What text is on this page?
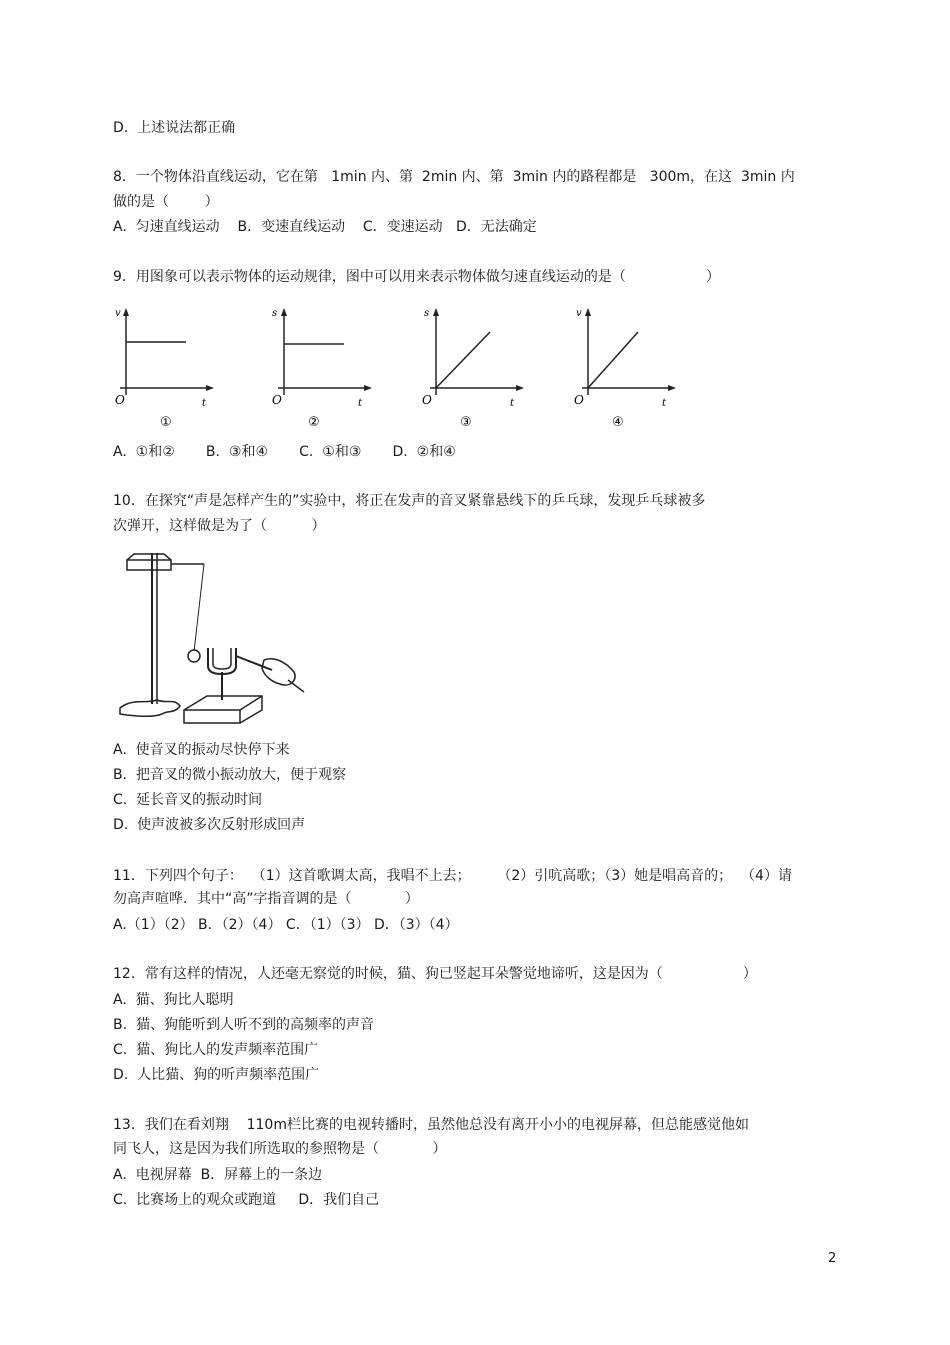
D.  上述说法都正确
8．一个物体沿直线运动，它在第   1min 内、第  2min 内、第  3min 内的路程都是   300m，在这  3min 内
做的是（        ）
A.  匀速直线运动    B．变速直线运动    C．变速运动   D．无法确定
9．用图象可以表示物体的运动规律，图中可以用来表示物体做匀速直线运动的是（                  ）
v
O	t
①
s
O	t
②
s
O	t
③
v
O	t
④
A.  ①和②       B.  ③和④       C.  ①和③       D.  ②和④
10．在探究“声是怎样产生的”实验中，将正在发声的音叉紧靠悬线下的乒乓球，发现乒乓球被多
次弹开，这样做是为了（          ）
A.  使音叉的振动尽快停下来
B.  把音叉的微小振动放大，便于观察
C.  延长音叉的振动时间
D.  使声波被多次反射形成回声
11．下列四个句子：  （1）这首歌调太高，我唱不上去；      （2）引吭高歌；（3）她是唱高音的；  （4）请
勿高声喧哗．其中“高”字指音调的是（            ）
A.（1）（2） B．（2）（4） C．（1）（3） D．（3）（4）
12．常有这样的情况，人还毫无察觉的时候，猫、狗已竖起耳朵警觉地谛听，这是因为（                  ）
A.  猫、狗比人聪明
B.  猫、狗能听到人听不到的高频率的声音
C.  猫、狗比人的发声频率范围广
D.  人比猫、狗的听声频率范围广
13．我们在看刘翔    110m栏比赛的电视转播时，虽然他总没有离开小小的电视屏幕，但总能感觉他如
同飞人，这是因为我们所选取的参照物是（            ）
A.  电视屏幕  B．屏幕上的一条边
C.  比赛场上的观众或跑道     D．我们自己
2
